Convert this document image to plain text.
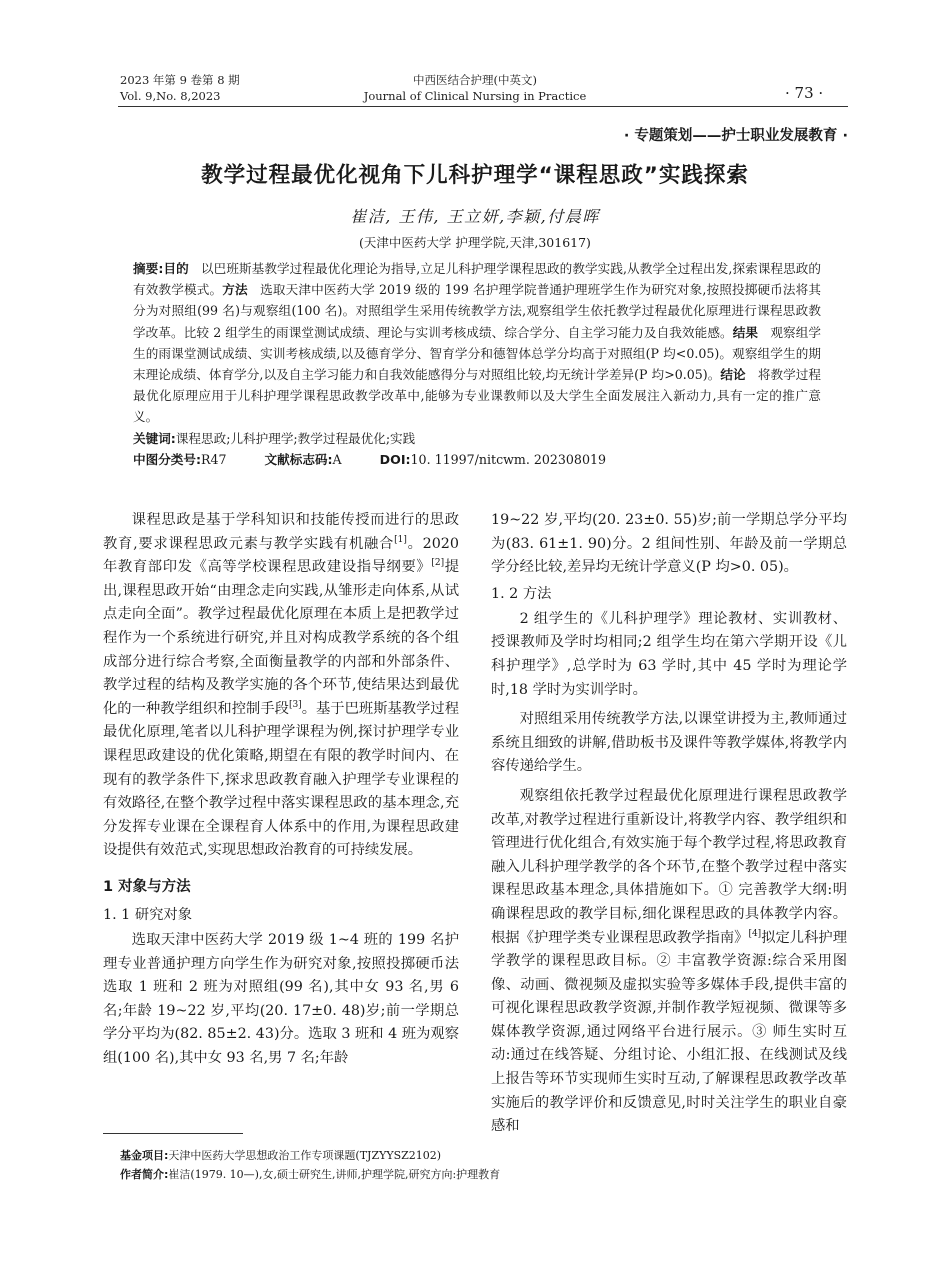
2023 年第 9 卷第 8 期
Vol. 9,No. 8,2023
中西医结合护理(中英文)
Journal of Clinical Nursing in Practice	· 73 ·
· 专题策划——护士职业发展教育 ·
教学过程最优化视角下儿科护理学“课程思政”实践探索
崔洁, 王伟, 王立妍,李颖,付晨晖
(天津中医药大学 护理学院,天津,301617)
摘要:目的 以巴班斯基教学过程最优化理论为指导,立足儿科护理学课程思政的教学实践,从教学全过程出发,探索课程思政的有效教学模式。方法 选取天津中医药大学 2019 级的 199 名护理学院普通护理班学生作为研究对象,按照投掷硬币法将其分为对照组(99 名)与观察组(100 名)。对照组学生采用传统教学方法,观察组学生依托教学过程最优化原理进行课程思政教学改革。比较 2 组学生的雨课堂测试成绩、理论与实训考核成绩、综合学分、自主学习能力及自我效能感。结果 观察组学生的雨课堂测试成绩、实训考核成绩,以及德育学分、智育学分和德智体总学分均高于对照组(P 均<0.05)。观察组学生的期末理论成绩、体育学分,以及自主学习能力和自我效能感得分与对照组比较,均无统计学差异(P 均>0.05)。结论 将教学过程最优化原理应用于儿科护理学课程思政教学改革中,能够为专业课教师以及大学生全面发展注入新动力,具有一定的推广意义。
关键词:课程思政;儿科护理学;教学过程最优化;实践
中图分类号:R47	文献标志码:A	DOI:10. 11997/nitcwm. 202308019

课程思政是基于学科知识和技能传授而进行的思政教育,要求课程思政元素与教学实践有机融合[1]。2020 年教育部印发《高等学校课程思政建设指导纲要》[2]提出,课程思政开始“由理念走向实践,从雏形走向体系,从试点走向全面”。教学过程最优化原理在本质上是把教学过程作为一个系统进行研究,并且对构成教学系统的各个组成部分进行综合考察,全面衡量教学的内部和外部条件、教学过程的结构及教学实施的各个环节,使结果达到最优化的一种教学组织和控制手段[3]。基于巴班斯基教学过程最优化原理,笔者以儿科护理学课程为例,探讨护理学专业课程思政建设的优化策略,期望在有限的教学时间内、在现有的教学条件下,探求思政教育融入护理学专业课程的有效路径,在整个教学过程中落实课程思政的基本理念,充分发挥专业课在全课程育人体系中的作用,为课程思政建设提供有效范式,实现思想政治教育的可持续发展。

1 对象与方法
1. 1 研究对象

选取天津中医药大学 2019 级 1~4 班的 199 名护理专业普通护理方向学生作为研究对象,按照投掷硬币法选取 1 班和 2 班为对照组(99 名),其中女 93 名,男 6 名;年龄 19~22 岁,平均(20. 17±0. 48)岁;前一学期总学分平均为(82. 85±2. 43)分。选取 3 班和 4 班为观察组(100 名),其中女 93 名,男 7 名;年龄

19~22 岁,平均(20. 23±0. 55)岁;前一学期总学分平均为(83. 61±1. 90)分。2 组间性别、年龄及前一学期总学分经比较,差异均无统计学意义(P 均>0. 05)。

1. 2 方法

2 组学生的《儿科护理学》理论教材、实训教材、授课教师及学时均相同;2 组学生均在第六学期开设《儿科护理学》,总学时为 63 学时,其中 45 学时为理论学时,18 学时为实训学时。

对照组采用传统教学方法,以课堂讲授为主,教师通过系统且细致的讲解,借助板书及课件等教学媒体,将教学内容传递给学生。

观察组依托教学过程最优化原理进行课程思政教学改革,对教学过程进行重新设计,将教学内容、教学组织和管理进行优化组合,有效实施于每个教学过程,将思政教育融入儿科护理学教学的各个环节,在整个教学过程中落实课程思政基本理念,具体措施如下。① 完善教学大纲:明确课程思政的教学目标,细化课程思政的具体教学内容。根据《护理学类专业课程思政教学指南》[4]拟定儿科护理学教学的课程思政目标。② 丰富教学资源:综合采用图像、动画、微视频及虚拟实验等多媒体手段,提供丰富的可视化课程思政教学资源,并制作教学短视频、微课等多媒体教学资源,通过网络平台进行展示。③ 师生实时互动:通过在线答疑、分组讨论、小组汇报、在线测试及线上报告等环节实现师生实时互动,了解课程思政教学改革实施后的教学评价和反馈意见,时时关注学生的职业自豪感和

基金项目:天津中医药大学思想政治工作专项课题(TJZYYSZ2102)
作者简介:崔洁(1979. 10—),女,硕士研究生,讲师,护理学院,研究方向:护理教育
